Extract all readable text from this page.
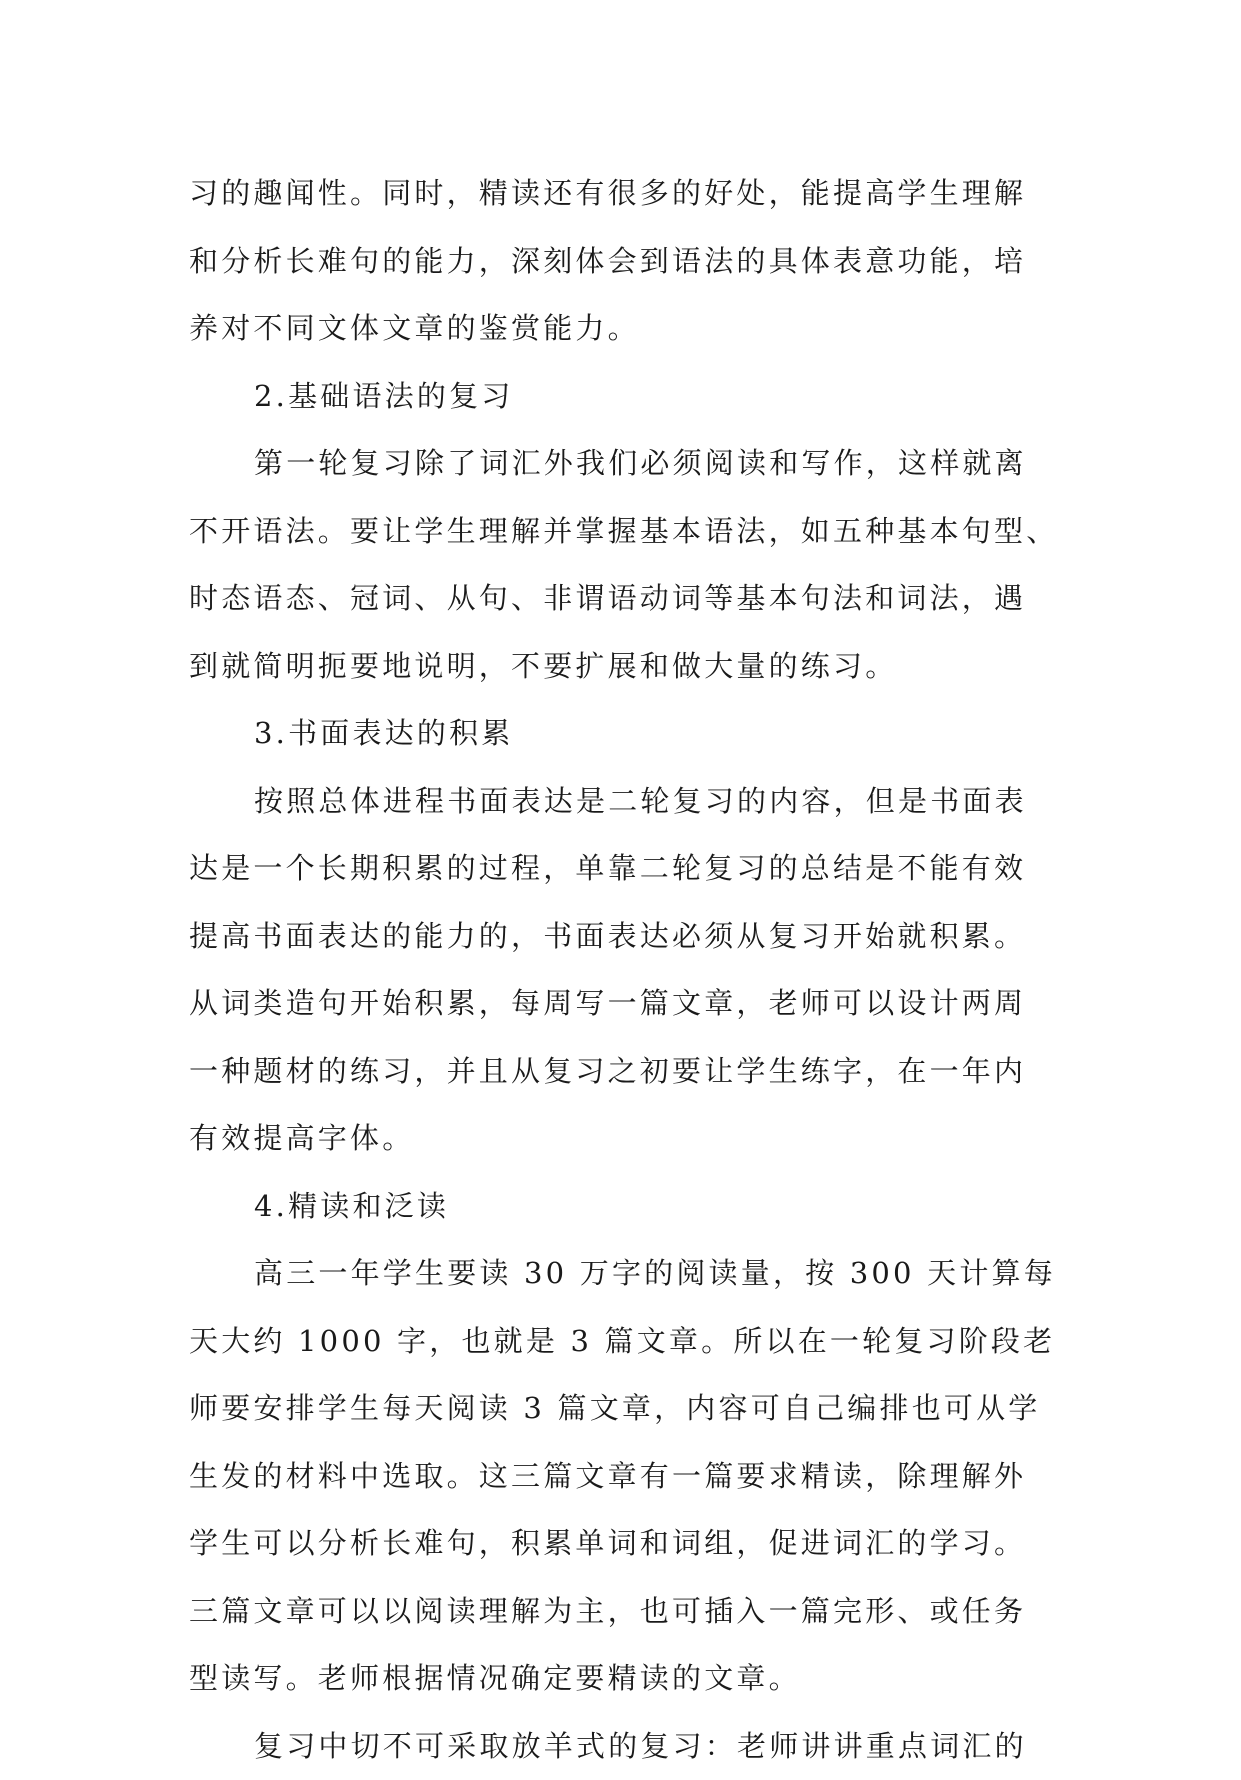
习的趣闻性。同时，精读还有很多的好处，能提高学生理解
和分析长难句的能力，深刻体会到语法的具体表意功能，培
养对不同文体文章的鉴赏能力。
2.基础语法的复习
第一轮复习除了词汇外我们必须阅读和写作，这样就离
不开语法。要让学生理解并掌握基本语法，如五种基本句型、
时态语态、冠词、从句、非谓语动词等基本句法和词法，遇
到就简明扼要地说明，不要扩展和做大量的练习。
3.书面表达的积累
按照总体进程书面表达是二轮复习的内容，但是书面表
达是一个长期积累的过程，单靠二轮复习的总结是不能有效
提高书面表达的能力的，书面表达必须从复习开始就积累。
从词类造句开始积累，每周写一篇文章，老师可以设计两周
一种题材的练习，并且从复习之初要让学生练字，在一年内
有效提高字体。
4.精读和泛读
高三一年学生要读 30 万字的阅读量，按 300 天计算每
天大约 1000 字，也就是 3 篇文章。所以在一轮复习阶段老
师要安排学生每天阅读 3 篇文章，内容可自己编排也可从学
生发的材料中选取。这三篇文章有一篇要求精读，除理解外
学生可以分析长难句，积累单词和词组，促进词汇的学习。
三篇文章可以以阅读理解为主，也可插入一篇完形、或任务
型读写。老师根据情况确定要精读的文章。
复习中切不可采取放羊式的复习：老师讲讲重点词汇的
